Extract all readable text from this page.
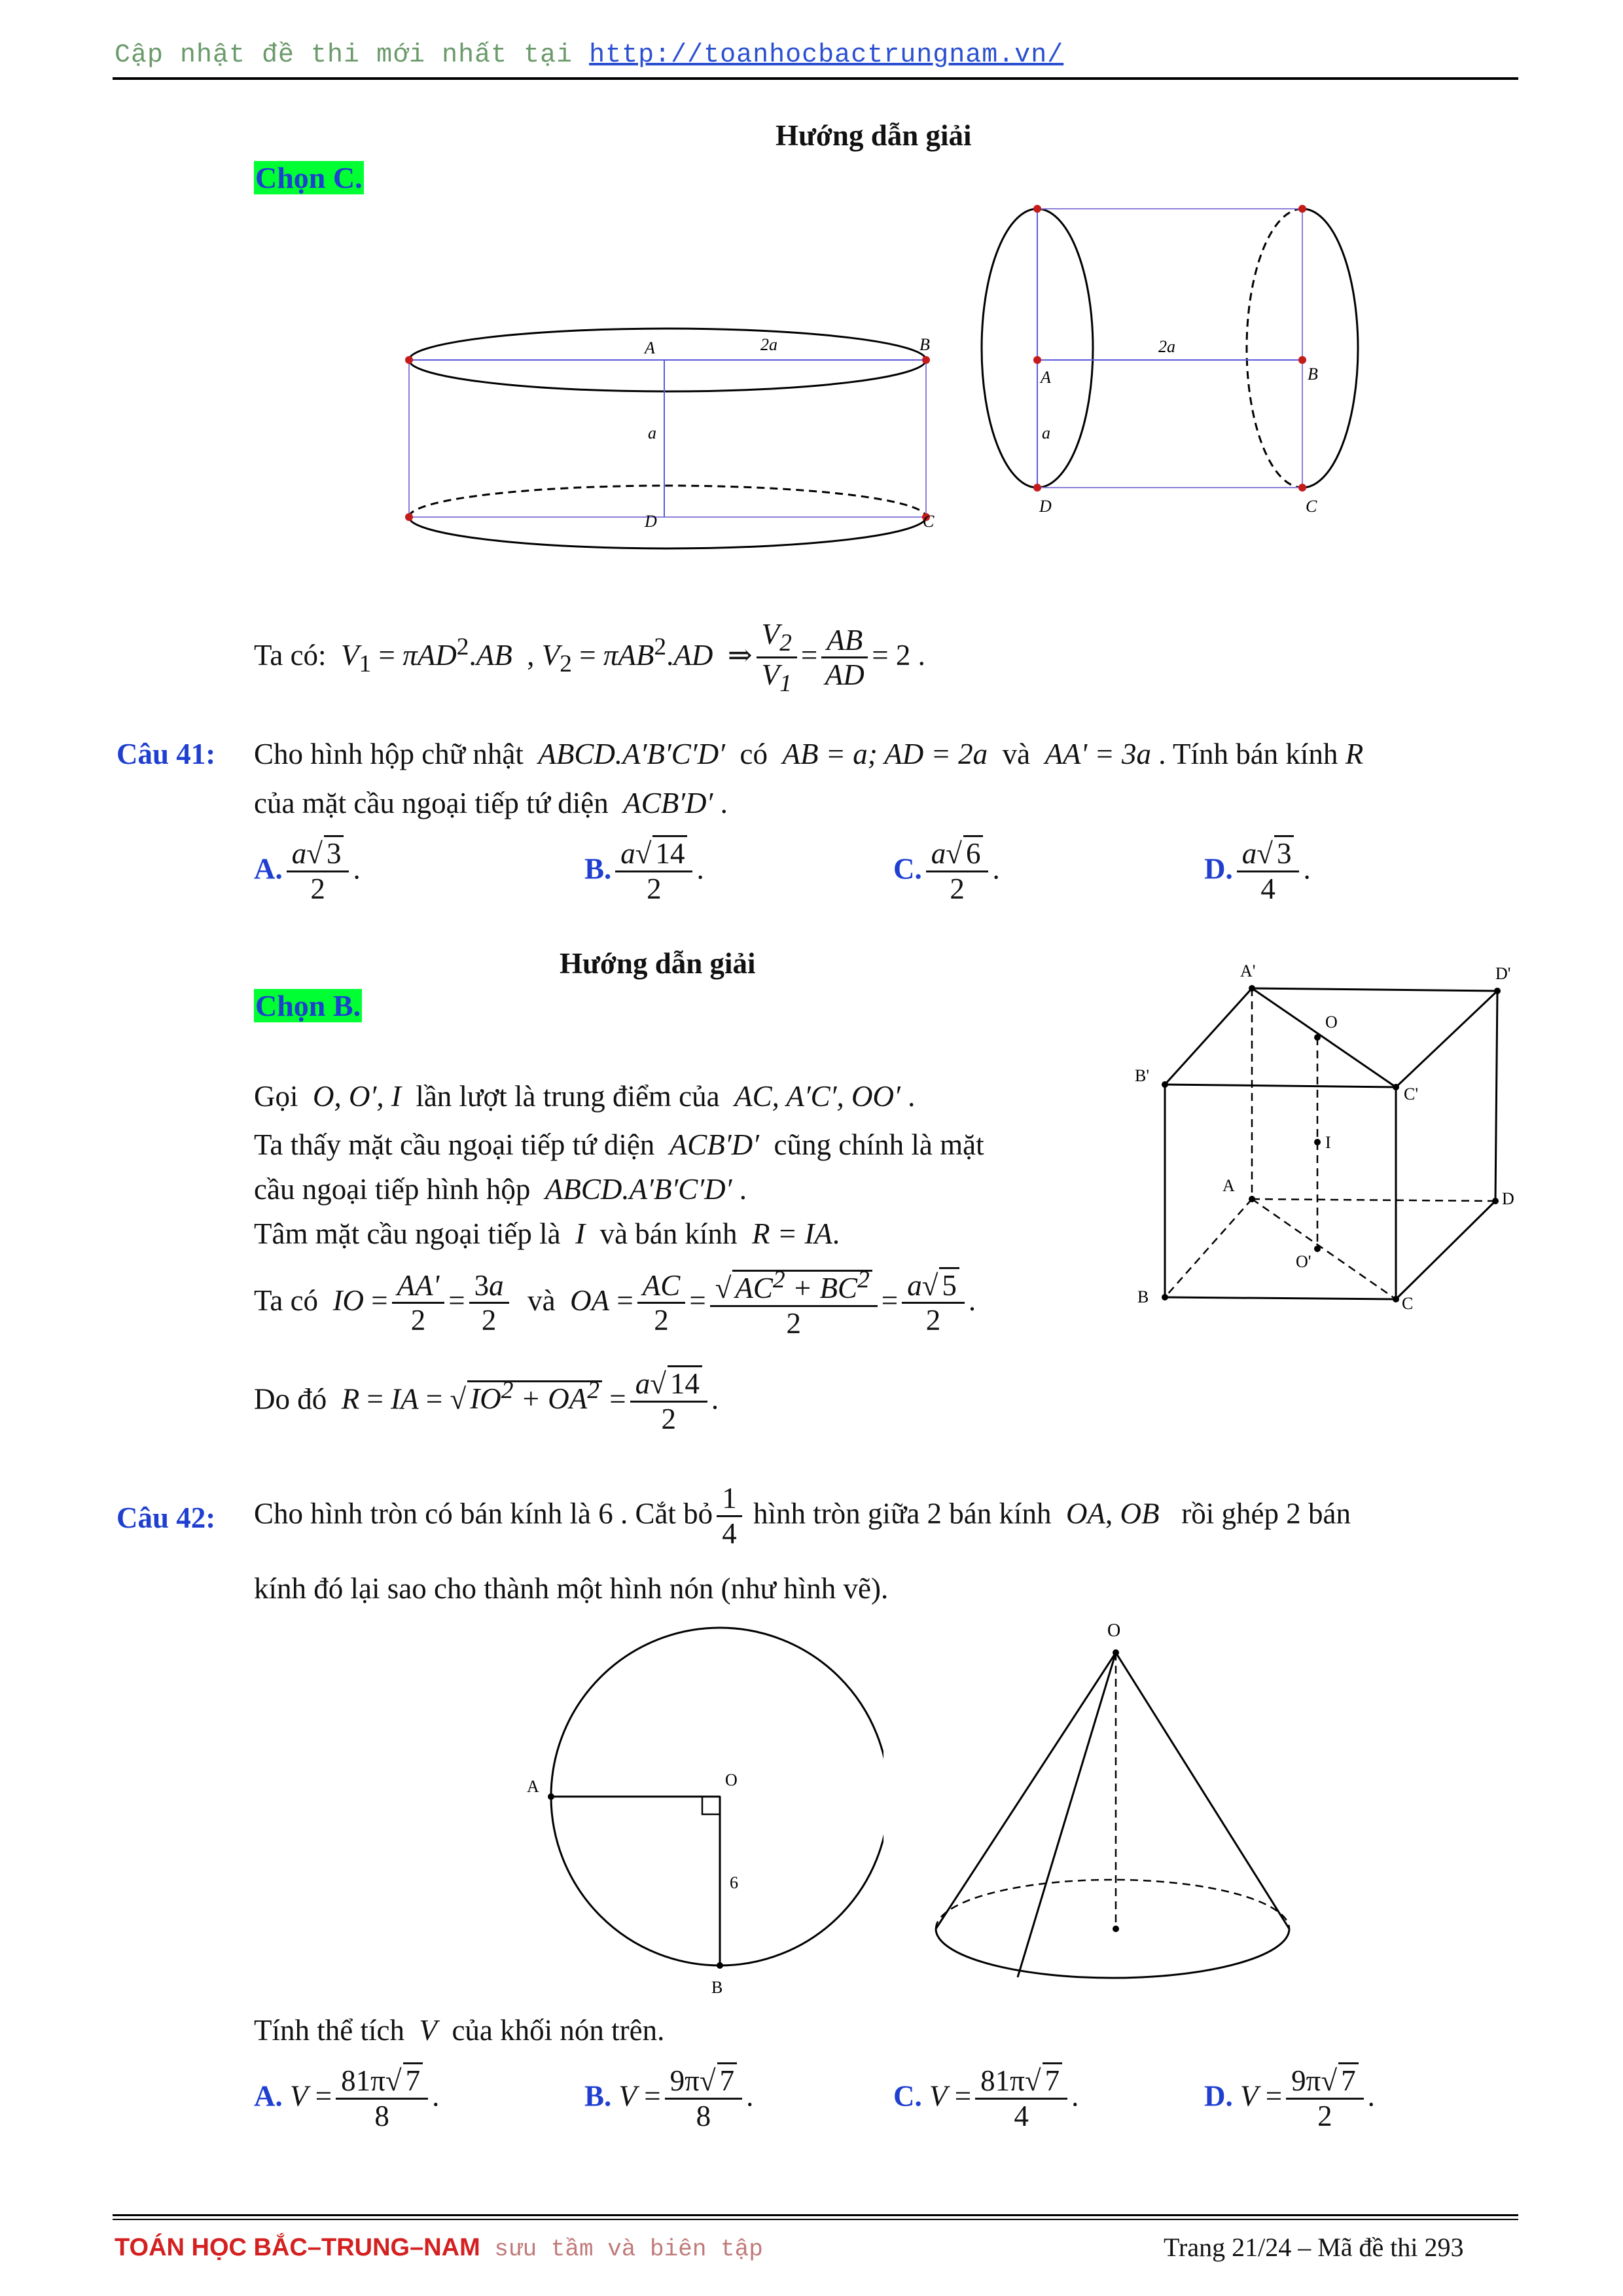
Cập nhật đề thi mới nhất tại http://toanhocbactrungnam.vn/
Hướng dẫn giải
Chọn C.
A	2a	B
a
D	C
A
2a
B
a
D	C
Ta có:  $V_1 = \pi AD^2.AB$  , $V_2 = \pi AB^2.AD$  ⇒ $\frac{V_2}{V_1} = \frac{AB}{AD} = 2$ .
Câu 41: Cho hình hộp chữ nhật ABCD.A′B′C′D′ có AB = a; AD = 2a và AA' = 3a . Tính bán kính R
của mặt cầu ngoại tiếp tứ diện ACB′D′ .
A. $\frac{a√ 3}{2}$ .	B. $\frac{a√ 14}{2}$ .	C. $\frac{a√ 6}{2}$ .	D. $\frac{a√ 3}{4}$ .
Hướng dẫn giải
Chọn B.
Gọi O, O′, I lần lượt là trung điểm của AC, A′C′, OO′ .
Ta thấy mặt cầu ngoại tiếp tứ diện ACB′D′ cũng chính là mặt
cầu ngoại tiếp hình hộp ABCD.A′B′C′D′ .
Tâm mặt cầu ngoại tiếp là I và bán kính R = IA.
Ta có IO = $\frac{AA'}{2} = \frac{3a}{2}$ và OA = $\frac{AC}{2} = \frac{√ AC^2 + BC^2}{2} = \frac{a√ 5}{2}$ .
Do đó R = IA = √ $IO^2 + OA^2 = \frac{a√ 14}{2}$ .
A'	D'
O
B'
C'
I
A
D
O'
B	C
Câu 42: Cho hình tròn có bán kính là 6 . Cắt bỏ $\frac{1}{4}$ hình tròn giữa 2 bán kính OA, OB rồi ghép 2 bán
kính đó lại sao cho thành một hình nón (như hình vẽ).
A	O
6
B
O
Tính thể tích V của khối nón trên.
A. $V = \frac{81\pi√ 7}{8}$ .	B. $V = \frac{9\pi√ 7}{8}$ .	C. $V = \frac{81\pi√ 7}{4}$ .	D. $V = \frac{9\pi√ 7}{2}$ .
TOÁN HỌC BẮC–TRUNG–NAM sưu tầm và biên tập	Trang 21/24 – Mã đề thi 293
